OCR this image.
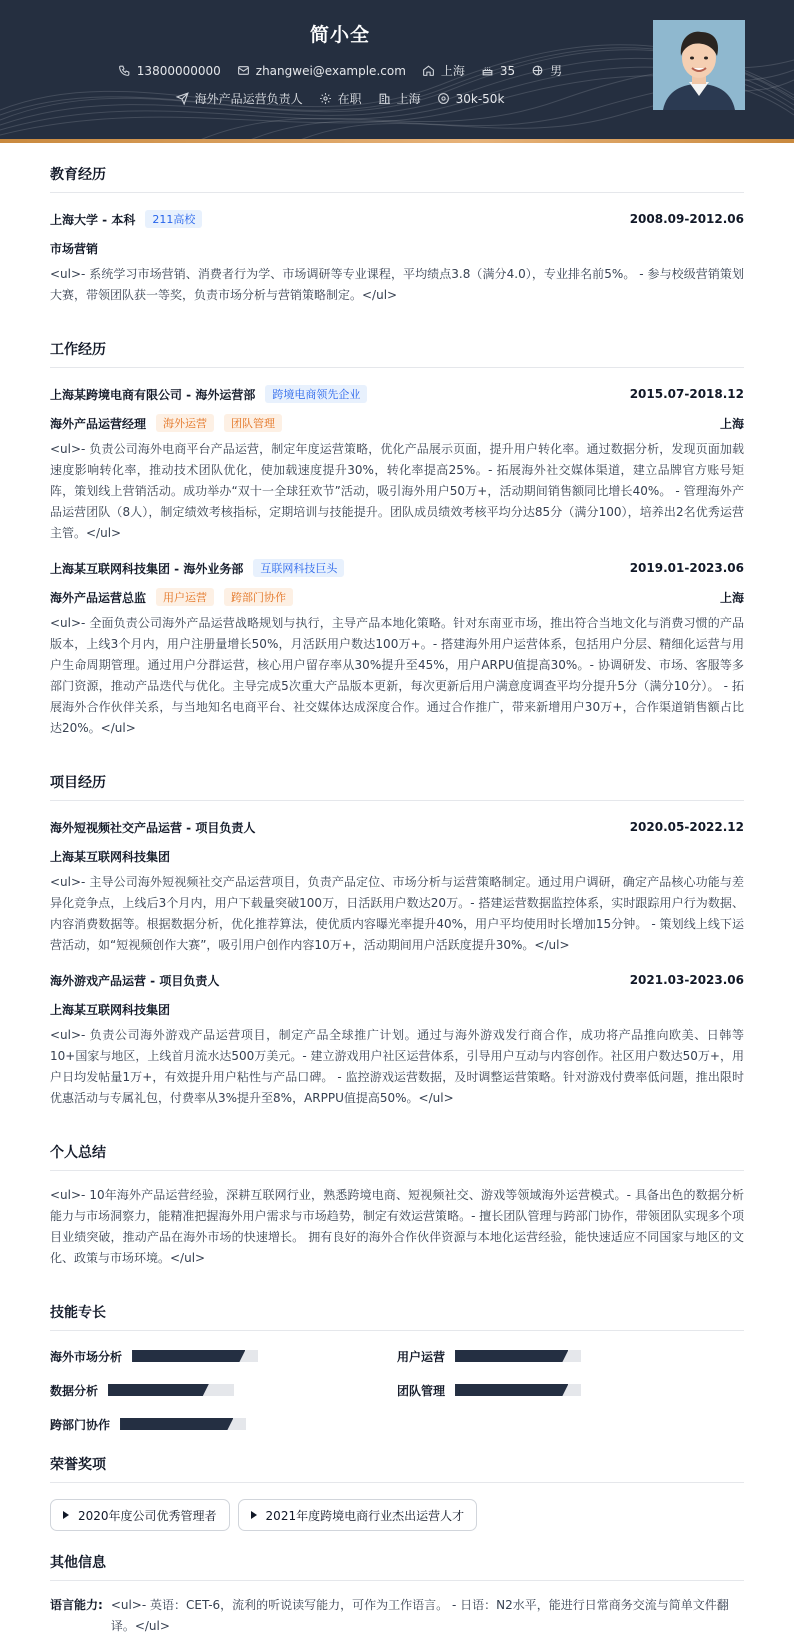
简小全
13800000000	zhangwei@example.com	上海	35	男
海外产品运营负责人	在职	上海	30k-50k
教育经历
上海大学 - 本科	211高校	2008.09-2012.06
市场营销
<ul>- 系统学习市场营销、消费者行为学、市场调研等专业课程，平均绩点3.8（满分4.0），专业排名前5%。 - 参与校级营销策划大赛，带领团队获一等奖，负责市场分析与营销策略制定。</ul>
工作经历
上海某跨境电商有限公司 - 海外运营部	跨境电商领先企业	2015.07-2018.12
海外产品运营经理	海外运营	团队管理	上海
<ul>- 负责公司海外电商平台产品运营，制定年度运营策略，优化产品展示页面，提升用户转化率。通过数据分析，发现页面加载速度影响转化率，推动技术团队优化，使加载速度提升30%，转化率提高25%。- 拓展海外社交媒体渠道，建立品牌官方账号矩阵，策划线上营销活动。成功举办“双十一全球狂欢节”活动，吸引海外用户50万+，活动期间销售额同比增长40%。 - 管理海外产品运营团队（8人），制定绩效考核指标，定期培训与技能提升。团队成员绩效考核平均分达85分（满分100），培养出2名优秀运营主管。</ul>
上海某互联网科技集团 - 海外业务部	互联网科技巨头	2019.01-2023.06
海外产品运营总监	用户运营	跨部门协作	上海
<ul>- 全面负责公司海外产品运营战略规划与执行，主导产品本地化策略。针对东南亚市场，推出符合当地文化与消费习惯的产品版本，上线3个月内，用户注册量增长50%，月活跃用户数达100万+。- 搭建海外用户运营体系，包括用户分层、精细化运营与用户生命周期管理。通过用户分群运营，核心用户留存率从30%提升至45%，用户ARPU值提高30%。- 协调研发、市场、客服等多部门资源，推动产品迭代与优化。主导完成5次重大产品版本更新，每次更新后用户满意度调查平均分提升5分（满分10分）。 - 拓展海外合作伙伴关系，与当地知名电商平台、社交媒体达成深度合作。通过合作推广，带来新增用户30万+，合作渠道销售额占比达20%。</ul>
项目经历
海外短视频社交产品运营 - 项目负责人	2020.05-2022.12
上海某互联网科技集团
<ul>- 主导公司海外短视频社交产品运营项目，负责产品定位、市场分析与运营策略制定。通过用户调研，确定产品核心功能与差异化竞争点，上线后3个月内，用户下载量突破100万，日活跃用户数达20万。- 搭建运营数据监控体系，实时跟踪用户行为数据、内容消费数据等。根据数据分析，优化推荐算法，使优质内容曝光率提升40%，用户平均使用时长增加15分钟。 - 策划线上线下运营活动，如“短视频创作大赛”，吸引用户创作内容10万+，活动期间用户活跃度提升30%。</ul>
海外游戏产品运营 - 项目负责人	2021.03-2023.06
上海某互联网科技集团
<ul>- 负责公司海外游戏产品运营项目，制定产品全球推广计划。通过与海外游戏发行商合作，成功将产品推向欧美、日韩等10+国家与地区，上线首月流水达500万美元。- 建立游戏用户社区运营体系，引导用户互动与内容创作。社区用户数达50万+，用户日均发帖量1万+，有效提升用户粘性与产品口碑。 - 监控游戏运营数据，及时调整运营策略。针对游戏付费率低问题，推出限时优惠活动与专属礼包，付费率从3%提升至8%，ARPPU值提高50%。</ul>
个人总结
<ul>- 10年海外产品运营经验，深耕互联网行业，熟悉跨境电商、短视频社交、游戏等领域海外运营模式。- 具备出色的数据分析能力与市场洞察力，能精准把握海外用户需求与市场趋势，制定有效运营策略。- 擅长团队管理与跨部门协作，带领团队实现多个项目业绩突破，推动产品在海外市场的快速增长。 拥有良好的海外合作伙伴资源与本地化运营经验，能快速适应不同国家与地区的文化、政策与市场环境。</ul>
技能专长
海外市场分析	用户运营
数据分析	团队管理
跨部门协作
荣誉奖项
2020年度公司优秀管理者	2021年度跨境电商行业杰出运营人才
其他信息
语言能力: <ul>- 英语：CET-6，流利的听说读写能力，可作为工作语言。 - 日语：N2水平，能进行日常商务交流与简单文件翻译。</ul>
